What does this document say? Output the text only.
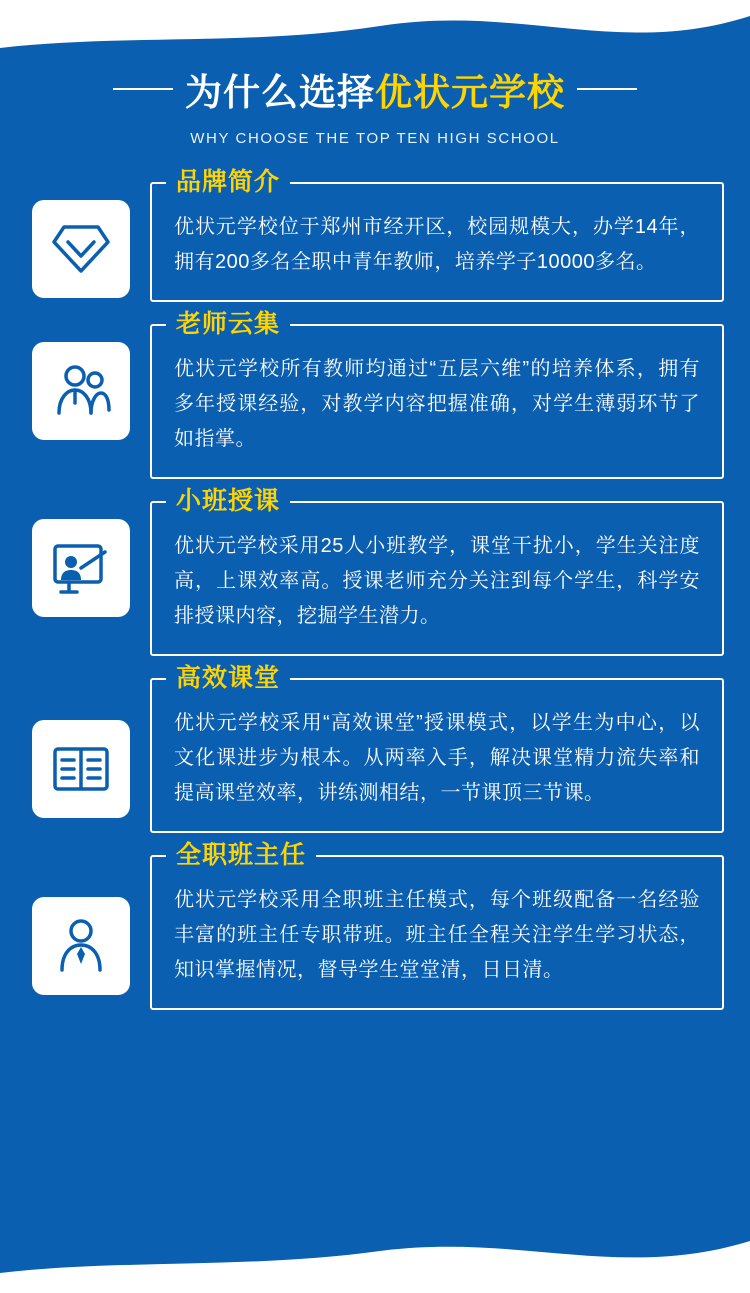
为什么选择优状元学校
WHY CHOOSE THE TOP TEN HIGH SCHOOL
品牌简介
优状元学校位于郑州市经开区，校园规模大，办学14年，拥有200多名全职中青年教师，培养学子10000多名。
老师云集
优状元学校所有教师均通过“五层六维”的培养体系，拥有多年授课经验，对教学内容把握准确，对学生薄弱环节了如指掌。
小班授课
优状元学校采用25人小班教学，课堂干扰小，学生关注度高，上课效率高。授课老师充分关注到每个学生，科学安排授课内容，挖掘学生潜力。
高效课堂
优状元学校采用“高效课堂”授课模式，以学生为中心，以文化课进步为根本。从两率入手，解决课堂精力流失率和提高课堂效率，讲练测相结，一节课顶三节课。
全职班主任
优状元学校采用全职班主任模式，每个班级配备一名经验丰富的班主任专职带班。班主任全程关注学生学习状态，知识掌握情况，督导学生堂堂清，日日清。
